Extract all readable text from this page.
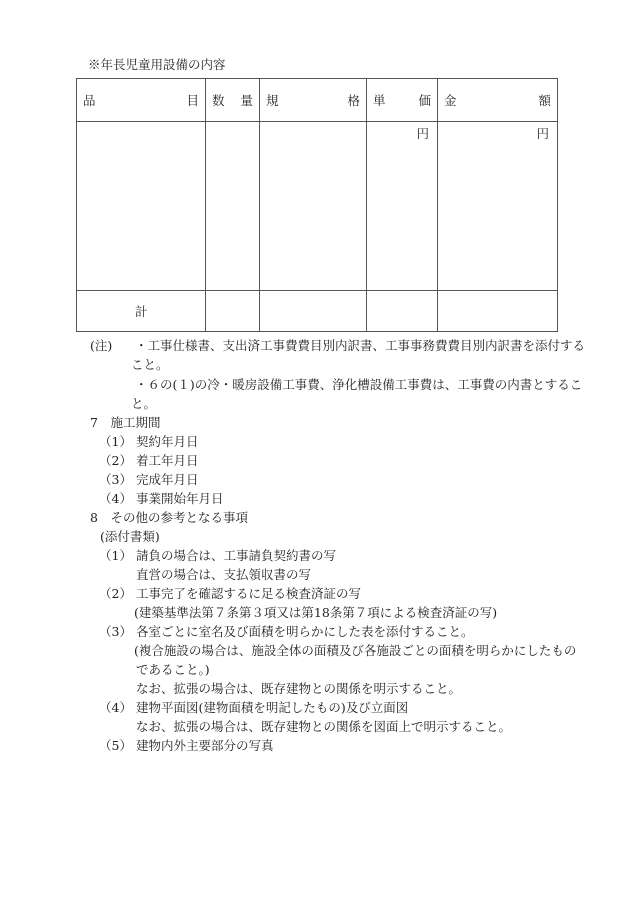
※年長児童用設備の内容
品 目	数 量	規 格	単 価	金 額

			円	円

計				
(注) ・工事仕様書、支出済工事費費目別内訳書、工事事務費費目別内訳書を添付する
こと。
・６の(１)の冷・暖房設備工事費、浄化槽設備工事費は、工事費の内書とするこ
と。
7　施工期間
（1） 契約年月日
（2） 着工年月日
（3） 完成年月日
（4） 事業開始年月日
8　その他の参考となる事項
(添付書類)
（1） 請負の場合は、工事請負契約書の写
直営の場合は、支払領収書の写
（2） 工事完了を確認するに足る検査済証の写
(建築基準法第７条第３項又は第18条第７項による検査済証の写)
（3） 各室ごとに室名及び面積を明らかにした表を添付すること。
(複合施設の場合は、施設全体の面積及び各施設ごとの面積を明らかにしたもの
であること。)
なお、拡張の場合は、既存建物との関係を明示すること。
（4） 建物平面図(建物面積を明記したもの)及び立面図
なお、拡張の場合は、既存建物との関係を図面上で明示すること。
（5） 建物内外主要部分の写真
